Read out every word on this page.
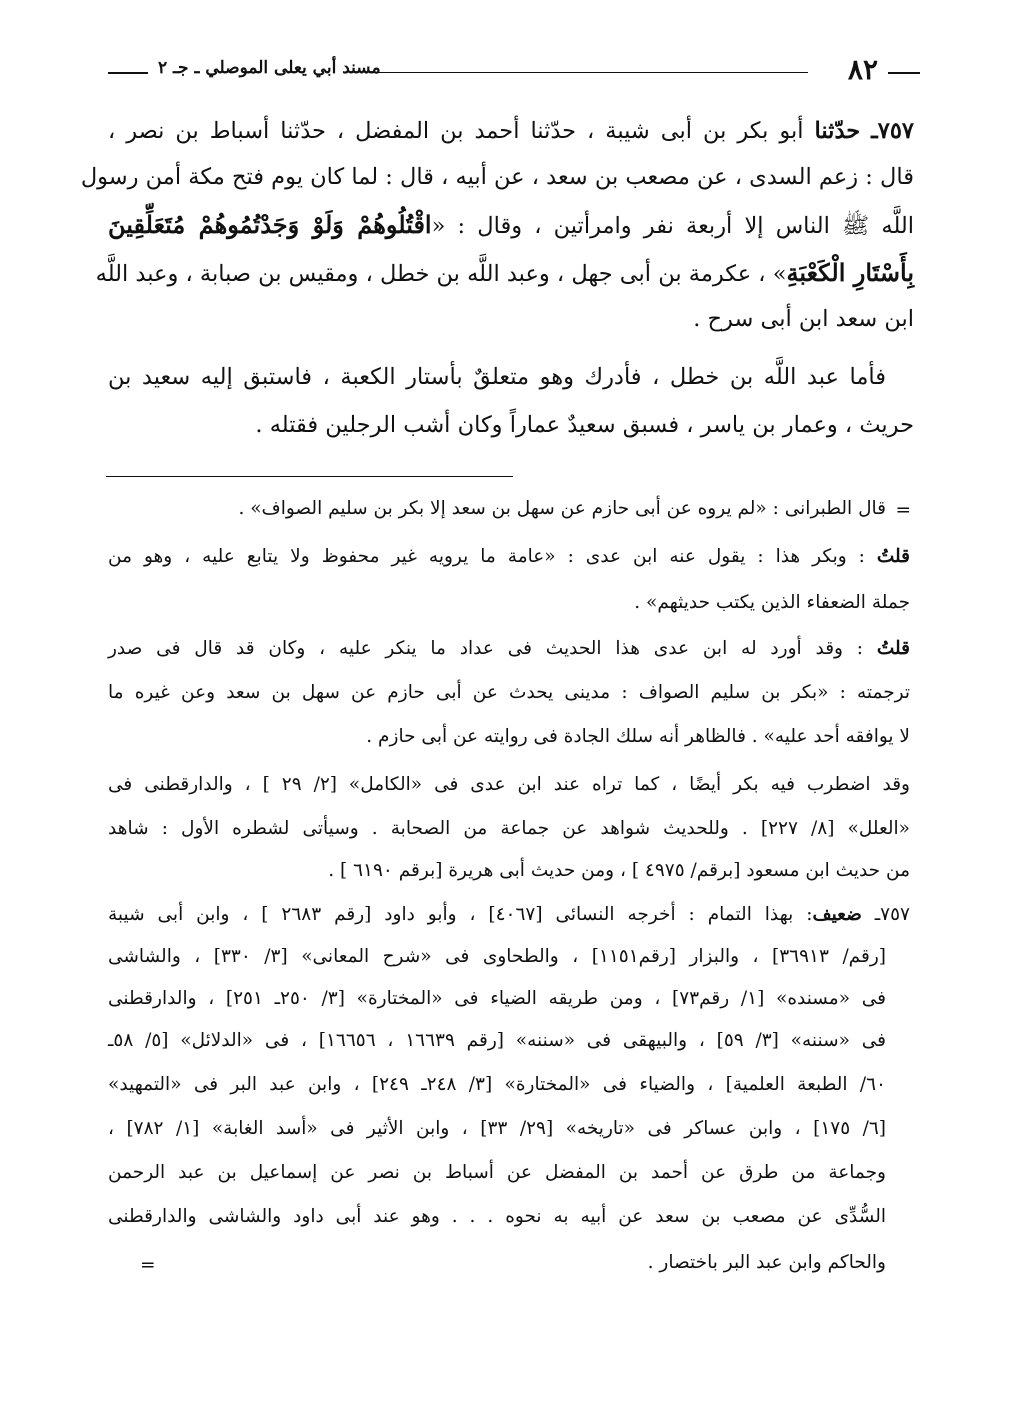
٨٢
مسند أبي يعلى الموصلي ـ جـ ٢
٧٥٧ـ حدّثنا أبو بكر بن أبى شيبة ، حدّثنا أحمد بن المفضل ، حدّثنا أسباط بن نصر ،
قال : زعم السدى ، عن مصعب بن سعد ، عن أبيه ، قال : لما كان يوم فتح مكة أمن رسول
اللَّه ﷺ الناس إلا أربعة نفر وامرأتين ، وقال : «اقْتُلُوهُمْ وَلَوْ وَجَدْتُمُوهُمْ مُتَعَلِّقِينَ
بِأَسْتَارِ الْكَعْبَةِ» ، عكرمة بن أبى جهل ، وعبد اللَّه بن خطل ، ومقيس بن صبابة ، وعبد اللَّه
ابن سعد ابن أبى سرح .
فأما عبد اللَّه بن خطل ، فأدرك وهو متعلقٌ بأستار الكعبة ، فاستبق إليه سعيد بن
حريث ، وعمار بن ياسر ، فسبق سعيدٌ عماراً وكان أشب الرجلين فقتله .
=
قال الطبرانى : «لم يروه عن أبى حازم عن سهل بن سعد إلا بكر بن سليم الصواف» .
قلتُ : وبكر هذا : يقول عنه ابن عدى : «عامة ما يرويه غير محفوظ ولا يتابع عليه ، وهو من
جملة الضعفاء الذين يكتب حديثهم» .
قلتُ : وقد أورد له ابن عدى هذا الحديث فى عداد ما ينكر عليه ، وكان قد قال فى صدر
ترجمته : «بكر بن سليم الصواف : مدينى يحدث عن أبى حازم عن سهل بن سعد وعن غيره ما
لا يوافقه أحد عليه» . فالظاهر أنه سلك الجادة فى روايته عن أبى حازم .
وقد اضطرب فيه بكر أيضًا ، كما تراه عند ابن عدى فى «الكامل» [٢/ ٢٩ ] ، والدارقطنى فى
«العلل» [٨/ ٢٢٧] . وللحديث شواهد عن جماعة من الصحابة . وسيأتى لشطره الأول : شاهد
من حديث ابن مسعود [برقم/ ٤٩٧٥ ] ، ومن حديث أبى هريرة [برقم ٦١٩٠ ] .
٧٥٧ـ ضعيف: بهذا التمام : أخرجه النسائى [٤٠٦٧] ، وأبو داود [رقم ٢٦٨٣ ] ، وابن أبى شيبة
[رقم/ ٣٦٩١٣] ، والبزار [رقم١١٥١] ، والطحاوى فى «شرح المعانى» [٣/ ٣٣٠] ، والشاشى
فى «مسنده» [١/ رقم٧٣] ، ومن طريقه الضياء فى «المختارة» [٣/ ٢٥٠ـ ٢٥١] ، والدارقطنى
فى «سننه» [٣/ ٥٩] ، والبيهقى فى «سننه» [رقم ١٦٦٣٩ ، ١٦٦٥٦] ، فى «الدلائل» [٥/ ٥٨ـ
٦٠/ الطبعة العلمية] ، والضياء فى «المختارة» [٣/ ٢٤٨ـ ٢٤٩] ، وابن عبد البر فى «التمهيد»
[٦/ ١٧٥] ، وابن عساكر فى «تاريخه» [٢٩/ ٣٣] ، وابن الأثير فى «أسد الغابة» [١/ ٧٨٢] ،
وجماعة من طرق عن أحمد بن المفضل عن أسباط بن نصر عن إسماعيل بن عبد الرحمن
السُّدِّى عن مصعب بن سعد عن أبيه به نحوه . . . وهو عند أبى داود والشاشى والدارقطنى
والحاكم وابن عبد البر باختصار .
=
